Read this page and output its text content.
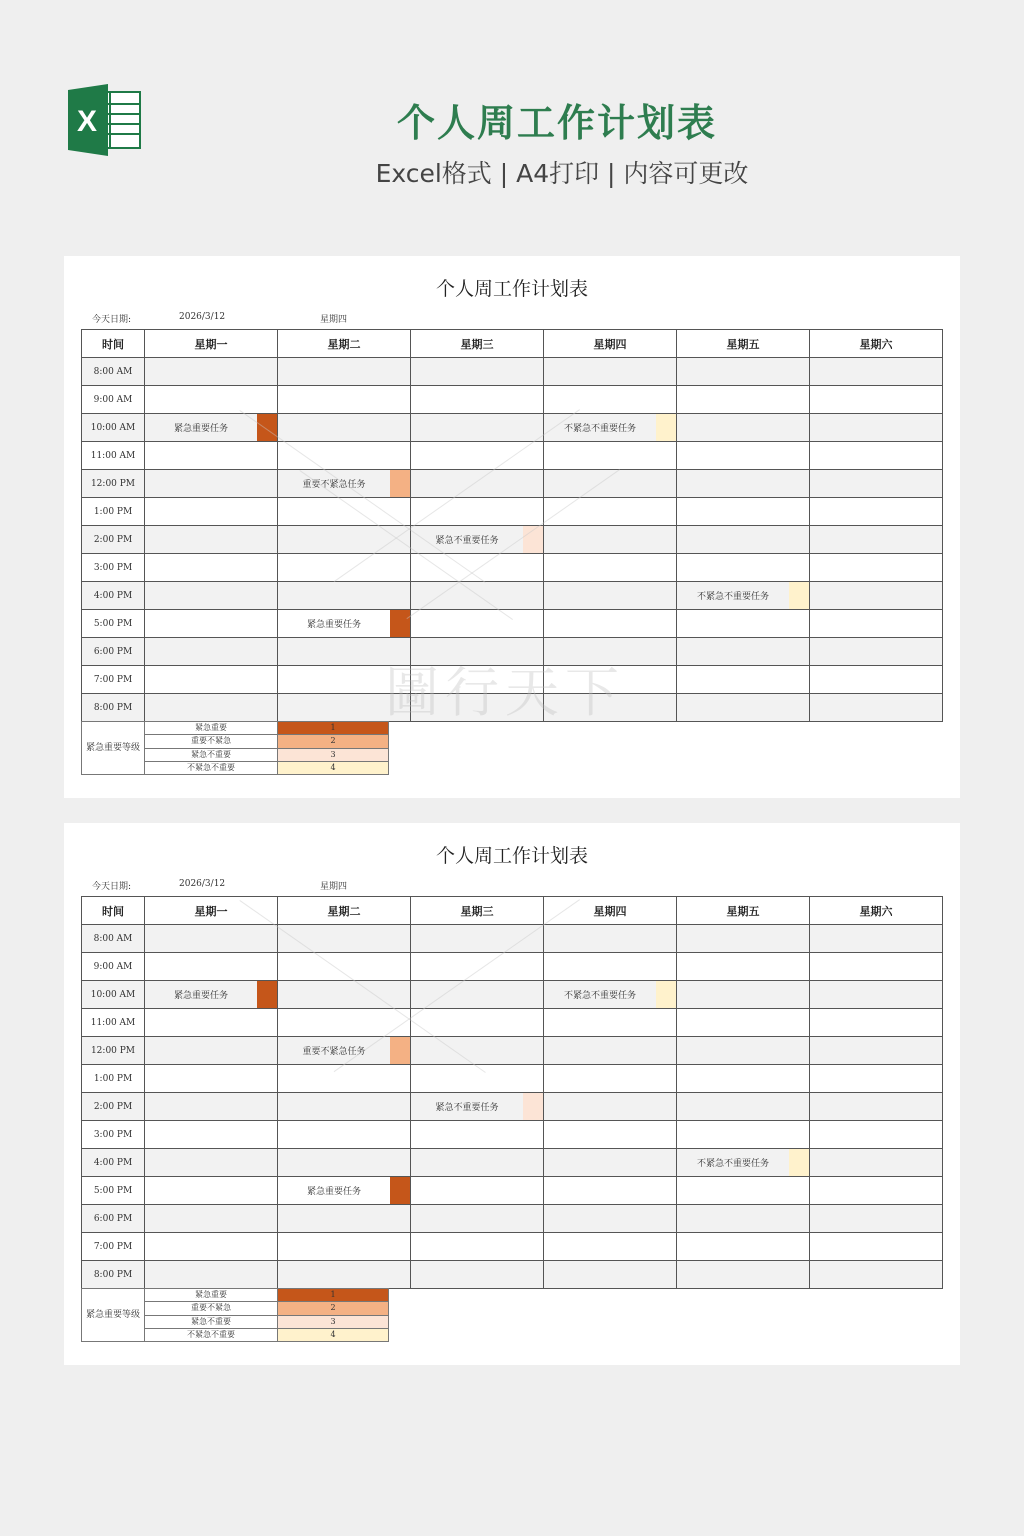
X	个人周工作计划表
Excel格式 | A4打印 | 内容可更改
个人周工作计划表
今天日期:	2026/3/12	星期四
时间	星期一	星期二	星期三	星期四	星期五	星期六
8:00 AM						
9:00 AM						
10:00 AM	紧急重要任务			不紧急不重要任务		

11:00 AM						
12:00 PM		重要不紧急任务				

1:00 PM						
2:00 PM			紧急不重要任务			

3:00 PM						
4:00 PM					不紧急不重要任务	

5:00 PM		紧急重要任务				

6:00 PM						
7:00 PM						
8:00 PM						
紧急重要等级	紧急重要	1
	重要不紧急	2
	紧急不重要	3
	不紧急不重要	4
个人周工作计划表
今天日期:	2026/3/12	星期四
时间	星期一	星期二	星期三	星期四	星期五	星期六
8:00 AM						
9:00 AM						
10:00 AM	紧急重要任务			不紧急不重要任务		

11:00 AM						
12:00 PM		重要不紧急任务				

1:00 PM						
2:00 PM			紧急不重要任务			

3:00 PM						
4:00 PM					不紧急不重要任务	

5:00 PM		紧急重要任务				

6:00 PM						
7:00 PM						
8:00 PM						
紧急重要等级	紧急重要	1
	重要不紧急	2
	紧急不重要	3
	不紧急不重要	4
圖行天下
